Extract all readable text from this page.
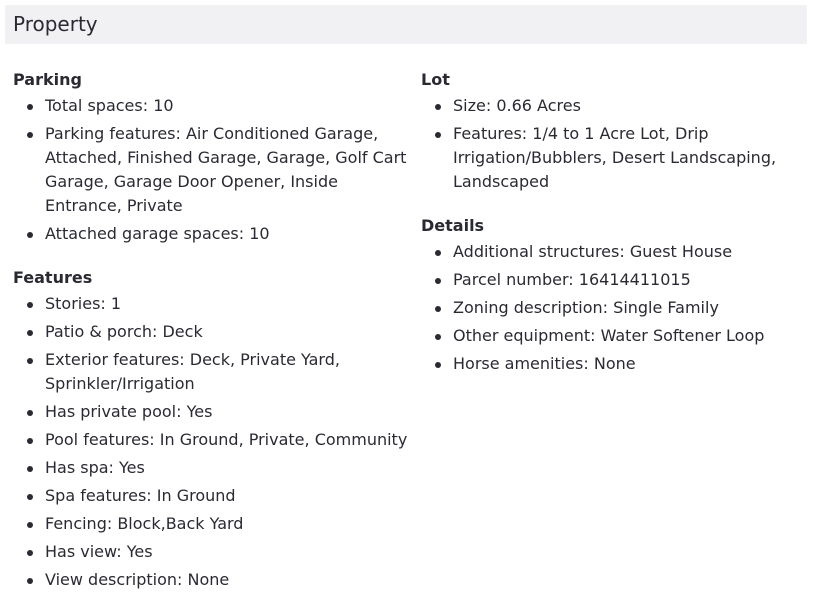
Property
Parking
Total spaces: 10
Parking features: Air Conditioned Garage, Attached, Finished Garage, Garage, Golf Cart Garage, Garage Door Opener, Inside Entrance, Private
Attached garage spaces: 10
Features
Stories: 1
Patio & porch: Deck
Exterior features: Deck, Private Yard, Sprinkler/Irrigation
Has private pool: Yes
Pool features: In Ground, Private, Community
Has spa: Yes
Spa features: In Ground
Fencing: Block,Back Yard
Has view: Yes
View description: None
Lot
Size: 0.66 Acres
Features: 1/4 to 1 Acre Lot, Drip Irrigation/Bubblers, Desert Landscaping, Landscaped
Details
Additional structures: Guest House
Parcel number: 16414411015
Zoning description: Single Family
Other equipment: Water Softener Loop
Horse amenities: None
